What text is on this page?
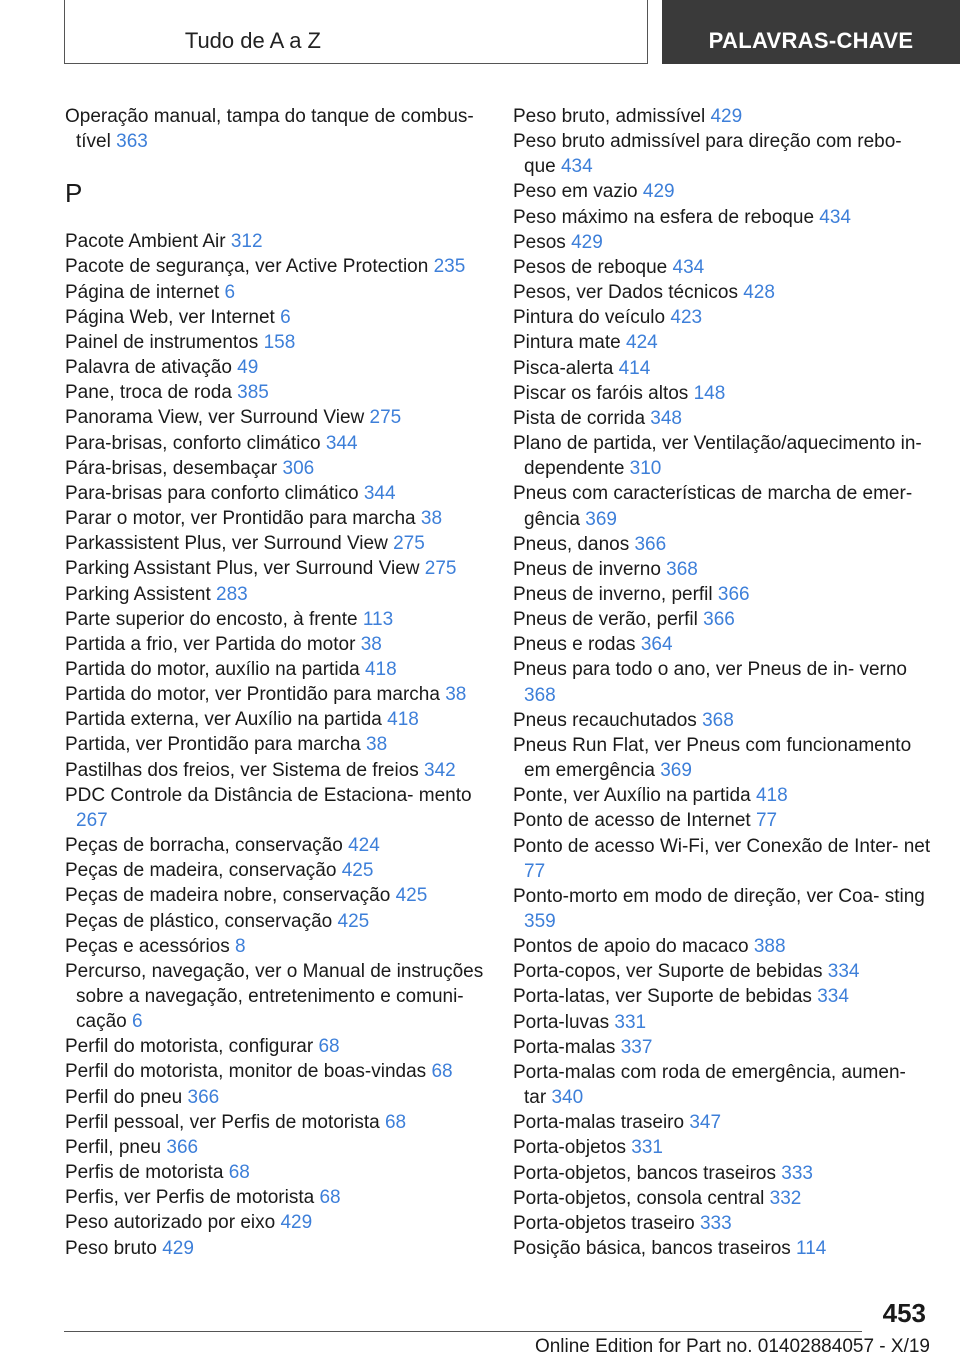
Tudo de A a Z	PALAVRAS-CHAVE
Operação manual, tampa do tanque de combus‐ tível 363
P
Pacote Ambient Air 312
Pacote de segurança, ver Active Protection 235
Página de internet 6
Página Web, ver Internet 6
Painel de instrumentos 158
Palavra de ativação 49
Pane, troca de roda 385
Panorama View, ver Surround View 275
Para-brisas, conforto climático 344
Pára-brisas, desembaçar 306
Para-brisas para conforto climático 344
Parar o motor, ver Prontidão para marcha 38
Parkassistent Plus, ver Surround View 275
Parking Assistant Plus, ver Surround View 275
Parking Assistent 283
Parte superior do encosto, à frente 113
Partida a frio, ver Partida do motor 38
Partida do motor, auxílio na partida 418
Partida do motor, ver Prontidão para marcha 38
Partida externa, ver Auxílio na partida 418
Partida, ver Prontidão para marcha 38
Pastilhas dos freios, ver Sistema de freios 342
PDC Controle da Distância de Estaciona‐ mento 267
Peças de borracha, conservação 424
Peças de madeira, conservação 425
Peças de madeira nobre, conservação 425
Peças de plástico, conservação 425
Peças e acessórios 8
Percurso, navegação, ver o Manual de instruções sobre a navegação, entretenimento e comuni‐ cação 6
Perfil do motorista, configurar 68
Perfil do motorista, monitor de boas-vindas 68
Perfil do pneu 366
Perfil pessoal, ver Perfis de motorista 68
Perfil, pneu 366
Perfis de motorista 68
Perfis, ver Perfis de motorista 68
Peso autorizado por eixo 429
Peso bruto 429
Peso bruto, admissível 429
Peso bruto admissível para direção com rebo‐ que 434
Peso em vazio 429
Peso máximo na esfera de reboque 434
Pesos 429
Pesos de reboque 434
Pesos, ver Dados técnicos 428
Pintura do veículo 423
Pintura mate 424
Pisca-alerta 414
Piscar os faróis altos 148
Pista de corrida 348
Plano de partida, ver Ventilação/aquecimento in‐ dependente 310
Pneus com características de marcha de emer‐ gência 369
Pneus, danos 366
Pneus de inverno 368
Pneus de inverno, perfil 366
Pneus de verão, perfil 366
Pneus e rodas 364
Pneus para todo o ano, ver Pneus de in‐ verno 368
Pneus recauchutados 368
Pneus Run Flat, ver Pneus com funcionamento em emergência 369
Ponte, ver Auxílio na partida 418
Ponto de acesso de Internet 77
Ponto de acesso Wi-Fi, ver Conexão de Inter‐ net 77
Ponto-morto em modo de direção, ver Coa‐ sting 359
Pontos de apoio do macaco 388
Porta-copos, ver Suporte de bebidas 334
Porta-latas, ver Suporte de bebidas 334
Porta-luvas 331
Porta-malas 337
Porta-malas com roda de emergência, aumen‐ tar 340
Porta-malas traseiro 347
Porta-objetos 331
Porta-objetos, bancos traseiros 333
Porta-objetos, consola central 332
Porta-objetos traseiro 333
Posição básica, bancos traseiros 114
453
Online Edition for Part no. 01402884057 - X/19
